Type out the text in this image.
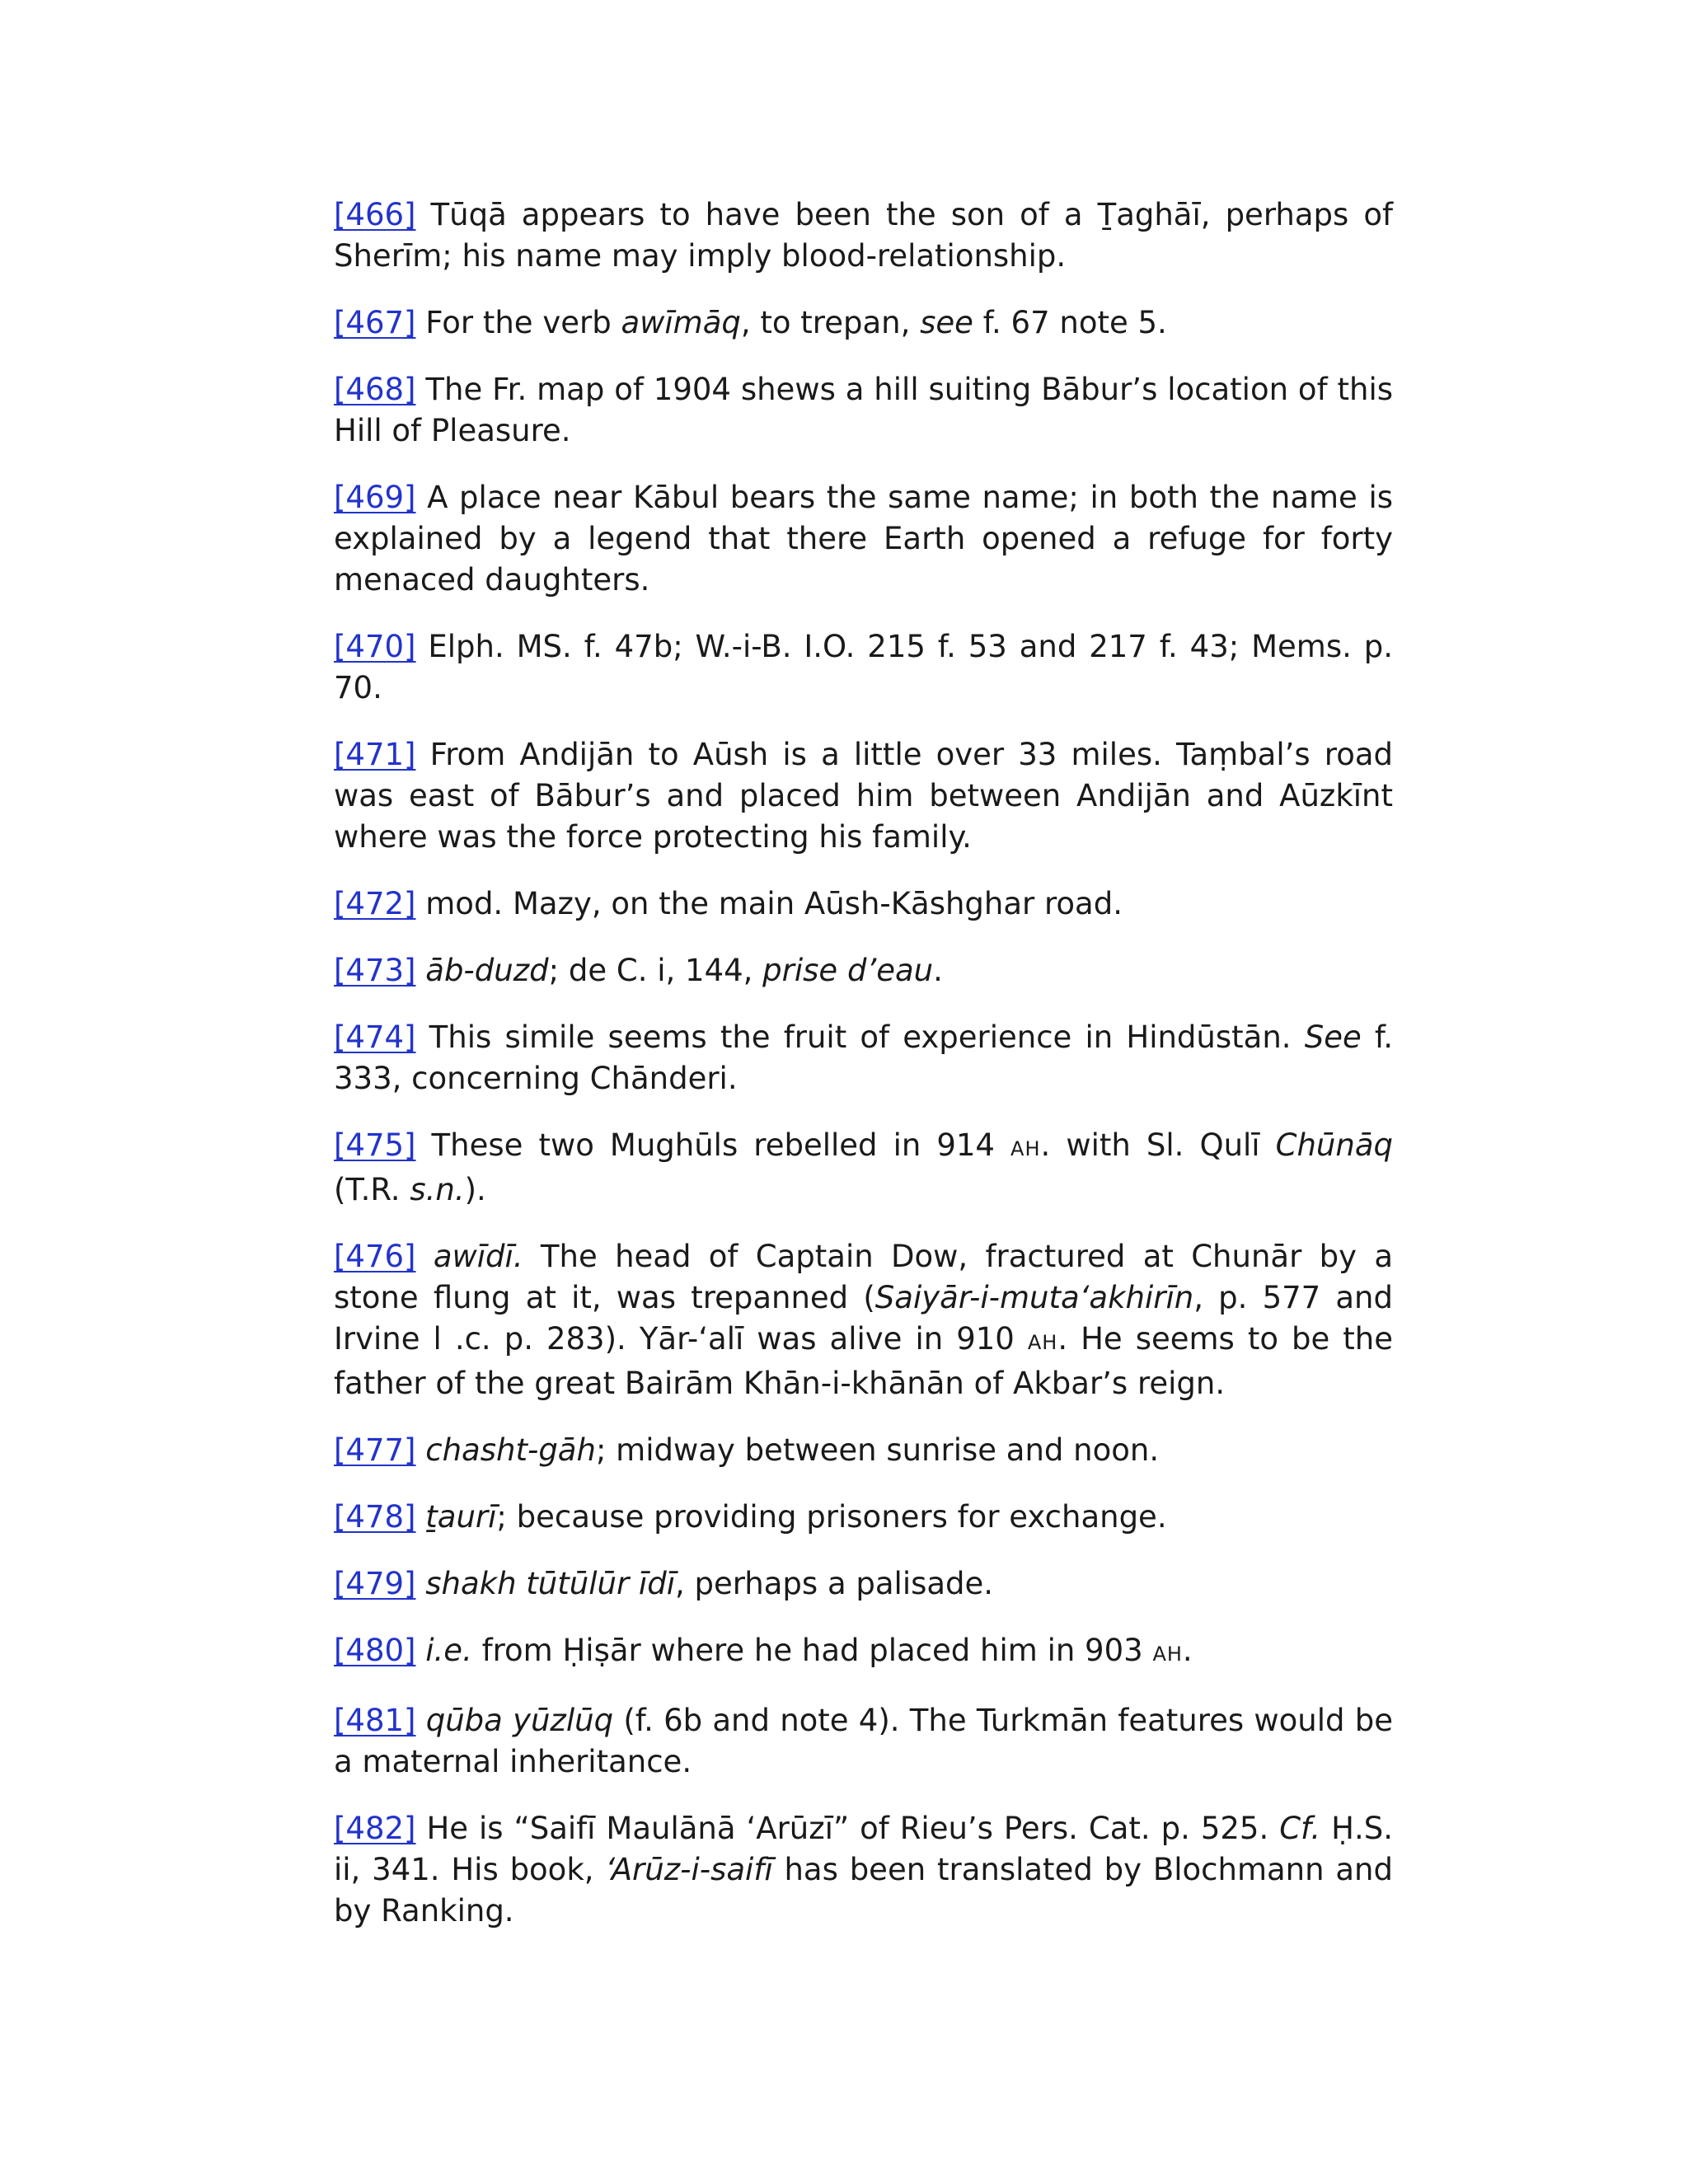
[466] Tūqā appears to have been the son of a Ṯaghāī, perhaps of Sherīm; his name may imply blood-relationship.

[467] For the verb awīmāq, to trepan, see f. 67 note 5.

[468] The Fr. map of 1904 shews a hill suiting Bābur’s location of this Hill of Pleasure.

[469] A place near Kābul bears the same name; in both the name is explained by a legend that there Earth opened a refuge for forty menaced daughters.

[470] Elph. MS. f. 47b; W.-i-B. I.O. 215 f. 53 and 217 f. 43; Mems. p. 70.

[471] From Andijān to Aūsh is a little over 33 miles. Taṃbal’s road was east of Bābur’s and placed him between Andijān and Aūzkīnt where was the force protecting his family.

[472] mod. Mazy, on the main Aūsh-Kāshghar road.

[473] āb-duzd; de C. i, 144, prise d’eau.

[474] This simile seems the fruit of experience in Hindūstān. See f. 333, concerning Chānderi.

[475] These two Mughūls rebelled in 914 AH. with Sl. Qulī Chūnāq (T.R. s.n.).

[476] awīdī. The head of Captain Dow, fractured at Chunār by a stone flung at it, was trepanned (Saiyār-i-muta‘akhirīn, p. 577 and Irvine l .c. p. 283). Yār-‘alī was alive in 910 AH. He seems to be the father of the great Bairām Khān-i-khānān of Akbar’s reign.

[477] chasht-gāh; midway between sunrise and noon.

[478] ṯaurī; because providing prisoners for exchange.

[479] shakh tūtūlūr īdī, perhaps a palisade.

[480] i.e. from Ḥiṣār where he had placed him in 903 AH.

[481] qūba yūzlūq (f. 6b and note 4). The Turkmān features would be a maternal inheritance.

[482] He is “Saifī Maulānā ‘Arūzī” of Rieu’s Pers. Cat. p. 525. Cf. Ḥ.S. ii, 341. His book, ‘Arūz-i-saifī has been translated by Blochmann and by Ranking.
